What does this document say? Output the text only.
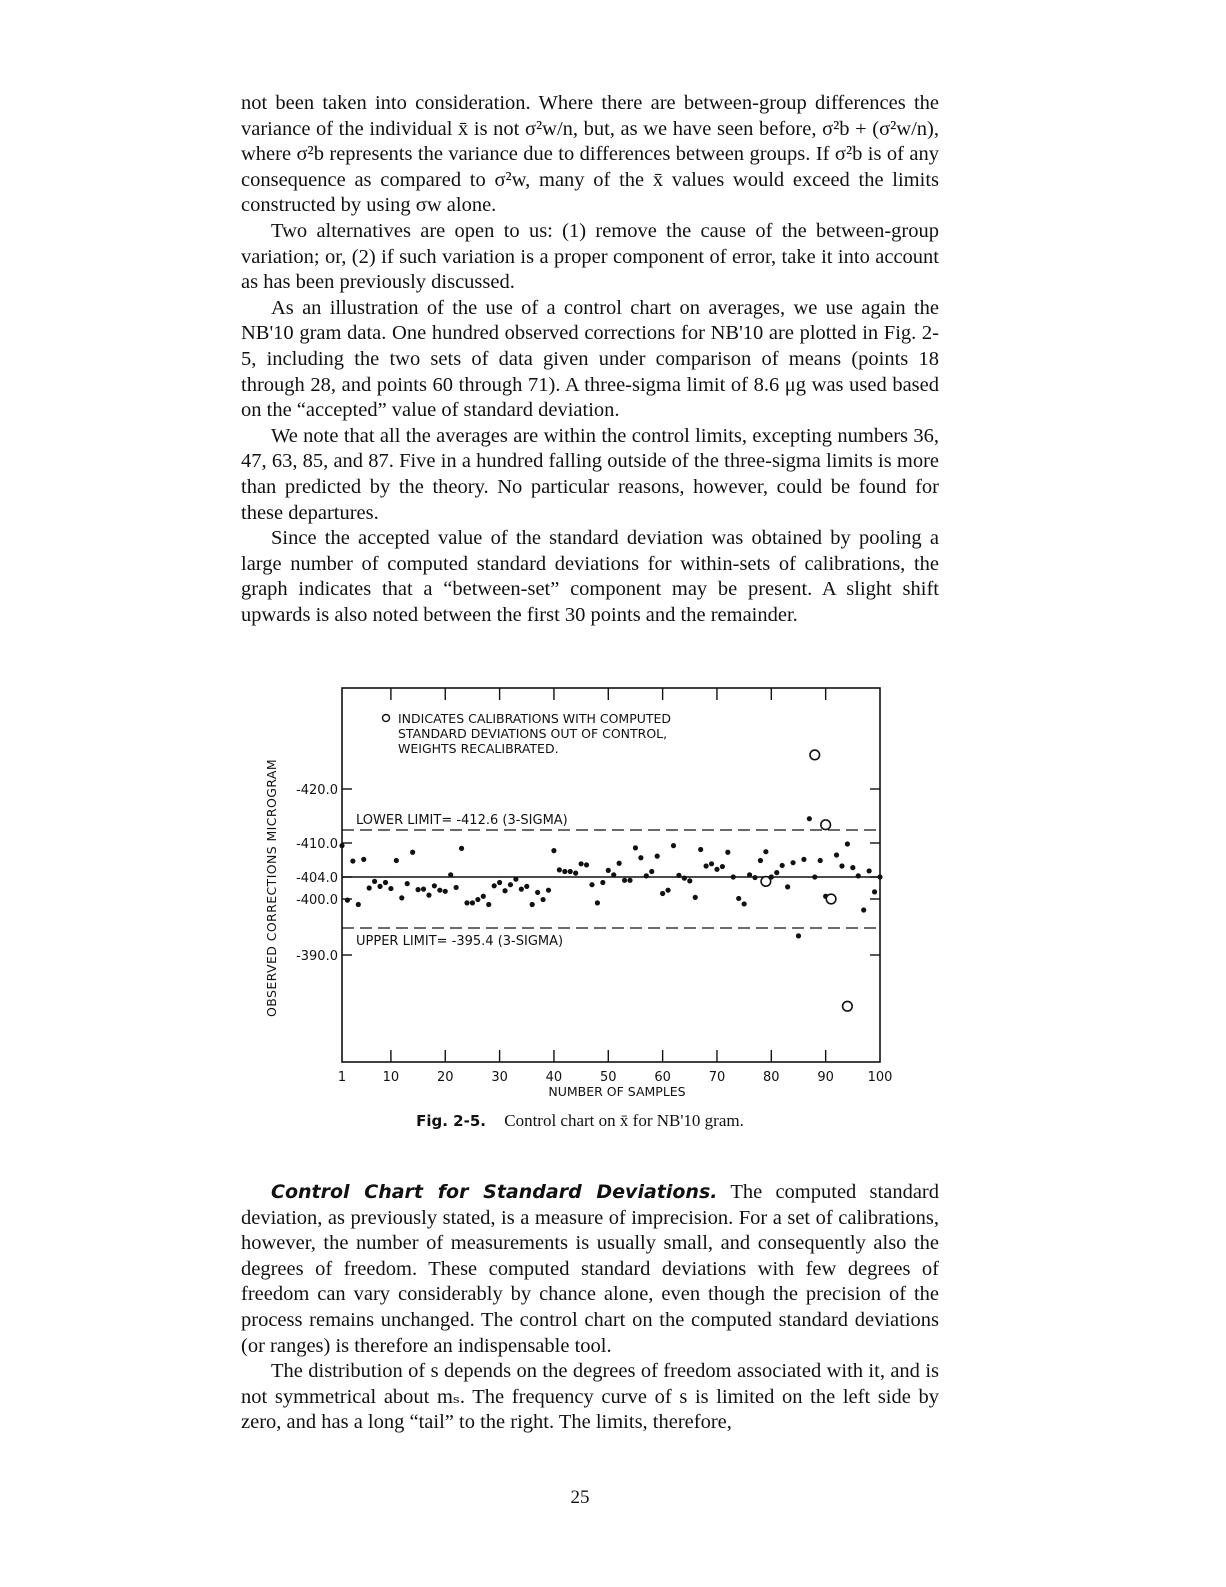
not been taken into consideration. Where there are between-group differences the variance of the individual x̄ is not σ²w/n, but, as we have seen before, σ²b + (σ²w/n), where σ²b represents the variance due to differences between groups. If σ²b is of any consequence as compared to σ²w, many of the x̄ values would exceed the limits constructed by using σw alone.

Two alternatives are open to us: (1) remove the cause of the between-group variation; or, (2) if such variation is a proper component of error, take it into account as has been previously discussed.

As an illustration of the use of a control chart on averages, we use again the NB'10 gram data. One hundred observed corrections for NB'10 are plotted in Fig. 2-5, including the two sets of data given under comparison of means (points 18 through 28, and points 60 through 71). A three-sigma limit of 8.6 μg was used based on the “accepted” value of standard deviation.

We note that all the averages are within the control limits, excepting numbers 36, 47, 63, 85, and 87. Five in a hundred falling outside of the three-sigma limits is more than predicted by the theory. No particular reasons, however, could be found for these departures.

Since the accepted value of the standard deviation was obtained by pooling a large number of computed standard deviations for within-sets of calibrations, the graph indicates that a “between-set” component may be present. A slight shift upwards is also noted between the first 30 points and the remainder.

OBSERVED CORRECTIONS MICROGRAM -420.0
-410.0
-404.0
-400.0
-390.0
1	10	20	30	40	50	60	70	80	90	100
NUMBER OF SAMPLES
LOWER LIMIT= -412.6 (3-SIGMA)
UPPER LIMIT= -395.4 (3-SIGMA)
INDICATES CALIBRATIONS WITH COMPUTED
STANDARD DEVIATIONS OUT OF CONTROL,
WEIGHTS RECALIBRATED.
Fig. 2-5. Control chart on x̄ for NB'10 gram.

Control Chart for Standard Deviations. The computed standard deviation, as previously stated, is a measure of imprecision. For a set of calibrations, however, the number of measurements is usually small, and consequently also the degrees of freedom. These computed standard deviations with few degrees of freedom can vary considerably by chance alone, even though the precision of the process remains unchanged. The control chart on the computed standard deviations (or ranges) is therefore an indispensable tool.

The distribution of s depends on the degrees of freedom associated with it, and is not symmetrical about mₛ. The frequency curve of s is limited on the left side by zero, and has a long “tail” to the right. The limits, therefore,

25
